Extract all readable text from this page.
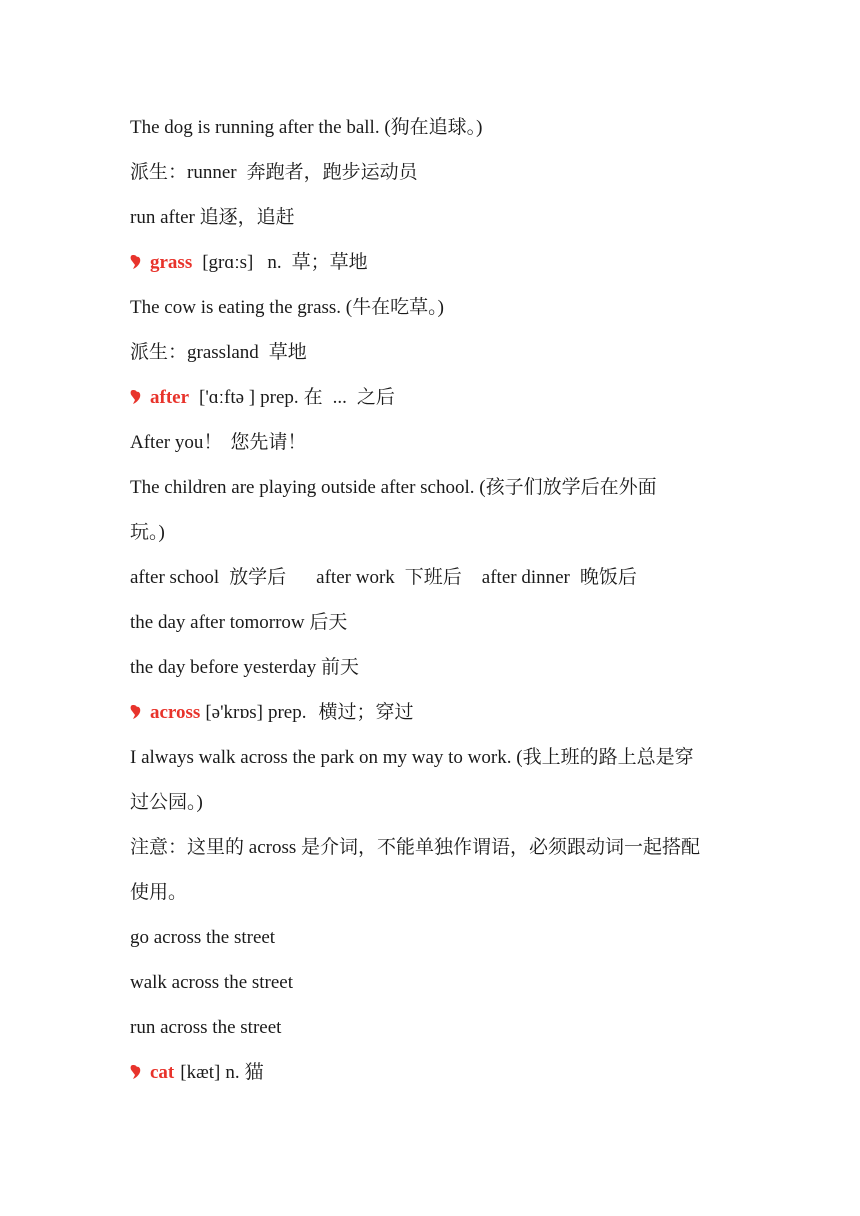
The dog is running after the ball. (狗在追球。)
派生：runner 奔跑者，跑步运动员
run after 追逐，追赶
grass [grɑːs] n. 草；草地
The cow is eating the grass. (牛在吃草。)
派生：grassland 草地
after ['ɑːftə ] prep. 在 ... 之后
After you！ 您先请！
The children are playing outside after school. (孩子们放学后在外面
玩。)
after school 放学后 after work 下班后 after dinner 晚饭后
the day after tomorrow 后天
the day before yesterday 前天
across [ə'krɒs] prep. 横过；穿过
I always walk across the park on my way to work. (我上班的路上总是穿
过公园。)
注意：这里的 across 是介词，不能单独作谓语，必须跟动词一起搭配
使用。
go across the street
walk across the street
run across the street
cat [kæt] n. 猫
